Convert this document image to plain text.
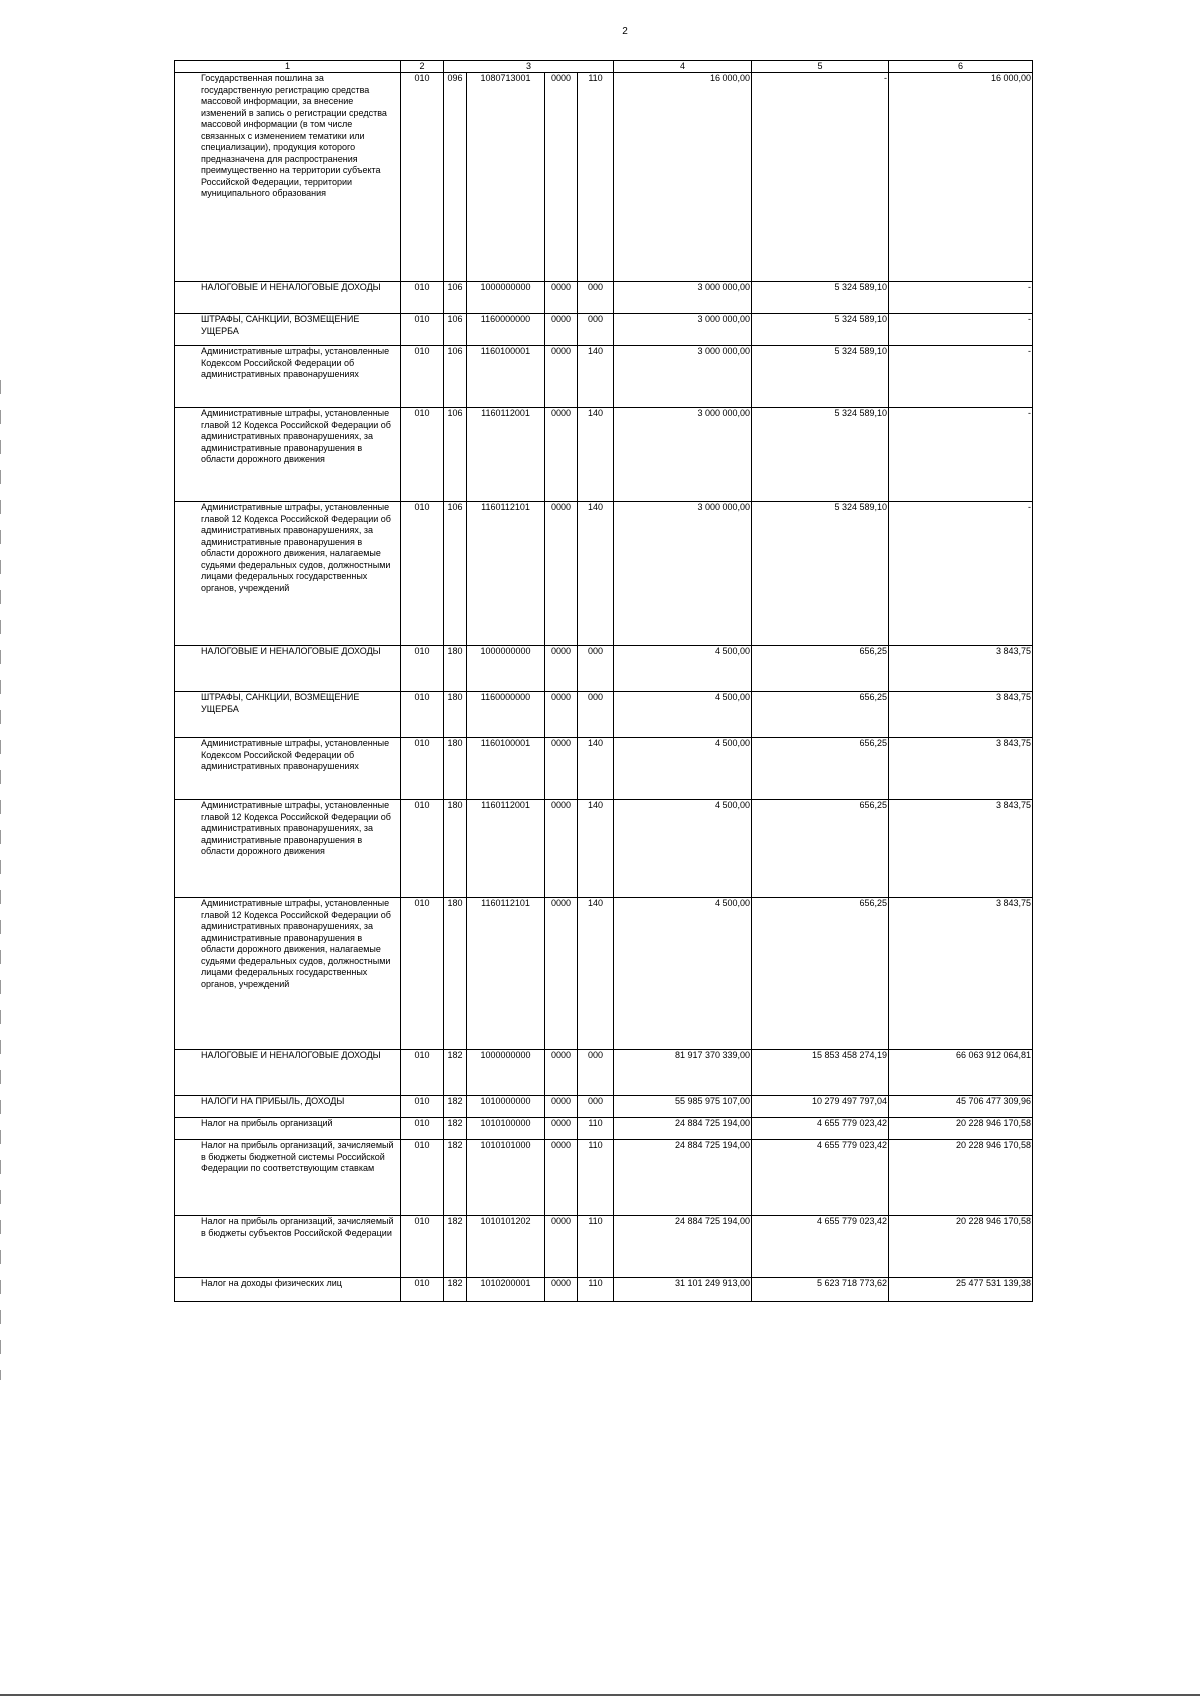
2
1	2	3				4	5	6
Государственная пошлина за государственную регистрацию средства массовой информации, за внесение изменений в запись о регистрации средства массовой информации (в том числе связанных с изменением тематики или специализации), продукция которого предназначена для распространения преимущественно на территории субъекта Российской Федерации, территории муниципального образования	010	096	1080713001	0000	110	16 000,00	-	16 000,00
НАЛОГОВЫЕ И НЕНАЛОГОВЫЕ ДОХОДЫ	010	106	1000000000	0000	000	3 000 000,00	5 324 589,10	-
ШТРАФЫ, САНКЦИИ, ВОЗМЕЩЕНИЕ УЩЕРБА	010	106	1160000000	0000	000	3 000 000,00	5 324 589,10	-
Административные штрафы, установленные Кодексом Российской Федерации об административных правонарушениях	010	106	1160100001	0000	140	3 000 000,00	5 324 589,10	-
Административные штрафы, установленные главой 12 Кодекса Российской Федерации об административных правонарушениях, за административные правонарушения в области дорожного движения	010	106	1160112001	0000	140	3 000 000,00	5 324 589,10	-
Административные штрафы, установленные главой 12 Кодекса Российской Федерации об административных правонарушениях, за административные правонарушения в области дорожного движения, налагаемые судьями федеральных судов, должностными лицами федеральных государственных органов, учреждений	010	106	1160112101	0000	140	3 000 000,00	5 324 589,10	-
НАЛОГОВЫЕ И НЕНАЛОГОВЫЕ ДОХОДЫ	010	180	1000000000	0000	000	4 500,00	656,25	3 843,75
ШТРАФЫ, САНКЦИИ, ВОЗМЕЩЕНИЕ УЩЕРБА	010	180	1160000000	0000	000	4 500,00	656,25	3 843,75
Административные штрафы, установленные Кодексом Российской Федерации об административных правонарушениях	010	180	1160100001	0000	140	4 500,00	656,25	3 843,75
Административные штрафы, установленные главой 12 Кодекса Российской Федерации об административных правонарушениях, за административные правонарушения в области дорожного движения	010	180	1160112001	0000	140	4 500,00	656,25	3 843,75
Административные штрафы, установленные главой 12 Кодекса Российской Федерации об административных правонарушениях, за административные правонарушения в области дорожного движения, налагаемые судьями федеральных судов, должностными лицами федеральных государственных органов, учреждений	010	180	1160112101	0000	140	4 500,00	656,25	3 843,75
НАЛОГОВЫЕ И НЕНАЛОГОВЫЕ ДОХОДЫ	010	182	1000000000	0000	000	81 917 370 339,00	15 853 458 274,19	66 063 912 064,81
НАЛОГИ НА ПРИБЫЛЬ, ДОХОДЫ	010	182	1010000000	0000	000	55 985 975 107,00	10 279 497 797,04	45 706 477 309,96
Налог на прибыль организаций	010	182	1010100000	0000	110	24 884 725 194,00	4 655 779 023,42	20 228 946 170,58
Налог на прибыль организаций, зачисляемый в бюджеты бюджетной системы Российской Федерации по соответствующим ставкам	010	182	1010101000	0000	110	24 884 725 194,00	4 655 779 023,42	20 228 946 170,58
Налог на прибыль организаций, зачисляемый в бюджеты субъектов Российской Федерации	010	182	1010101202	0000	110	24 884 725 194,00	4 655 779 023,42	20 228 946 170,58
Налог на доходы физических лиц	010	182	1010200001	0000	110	31 101 249 913,00	5 623 718 773,62	25 477 531 139,38
